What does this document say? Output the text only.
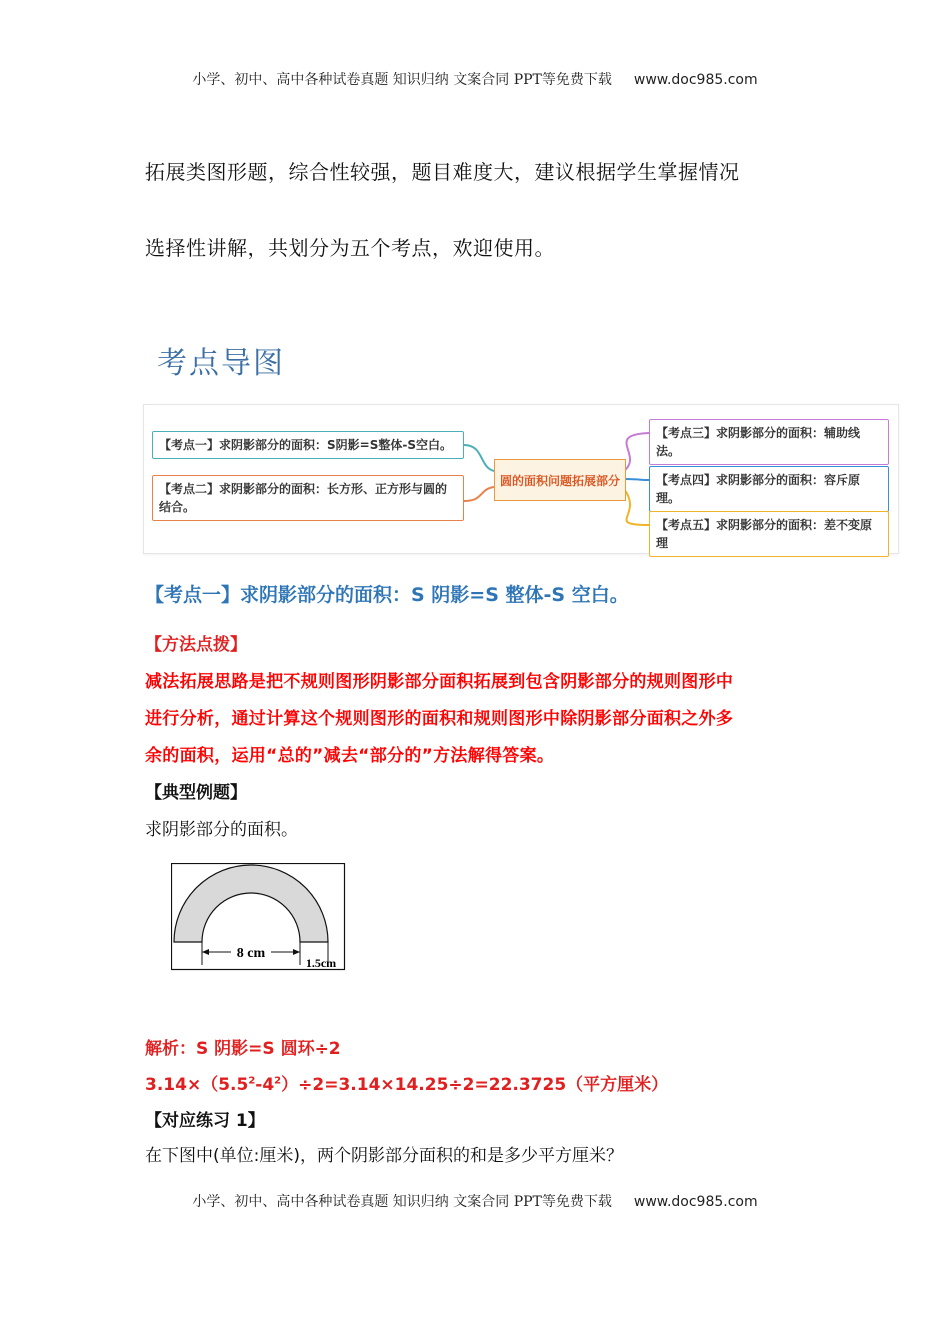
小学、初中、高中各种试卷真题 知识归纳 文案合同 PPT等免费下载 www.doc985.com
拓展类图形题，综合性较强，题目难度大，建议根据学生掌握情况
选择性讲解，共划分为五个考点，欢迎使用。
考点导图
【考点一】求阴影部分的面积：S阴影=S整体-S空白。
【考点二】求阴影部分的面积：长方形、正方形与圆的结合。
圆的面积问题拓展部分
【考点三】求阴影部分的面积：辅助线法。
【考点四】求阴影部分的面积：容斥原理。
【考点五】求阴影部分的面积：差不变原理
【考点一】求阴影部分的面积：S 阴影=S 整体-S 空白。
【方法点拨】
减法拓展思路是把不规则图形阴影部分面积拓展到包含阴影部分的规则图形中
进行分析，通过计算这个规则图形的面积和规则图形中除阴影部分面积之外多
余的面积，运用“总的”减去“部分的”方法解得答案。
【典型例题】
求阴影部分的面积。
8 cm
1.5cm
解析：S 阴影=S 圆环÷2
$3.14\times(5.5^2-4^2)\div 2=3.14\times 14.25\div 2=22.3725$（平方厘米）
【对应练习 1】
在下图中(单位:厘米)，两个阴影部分面积的和是多少平方厘米？
小学、初中、高中各种试卷真题 知识归纳 文案合同 PPT等免费下载 www.doc985.com
